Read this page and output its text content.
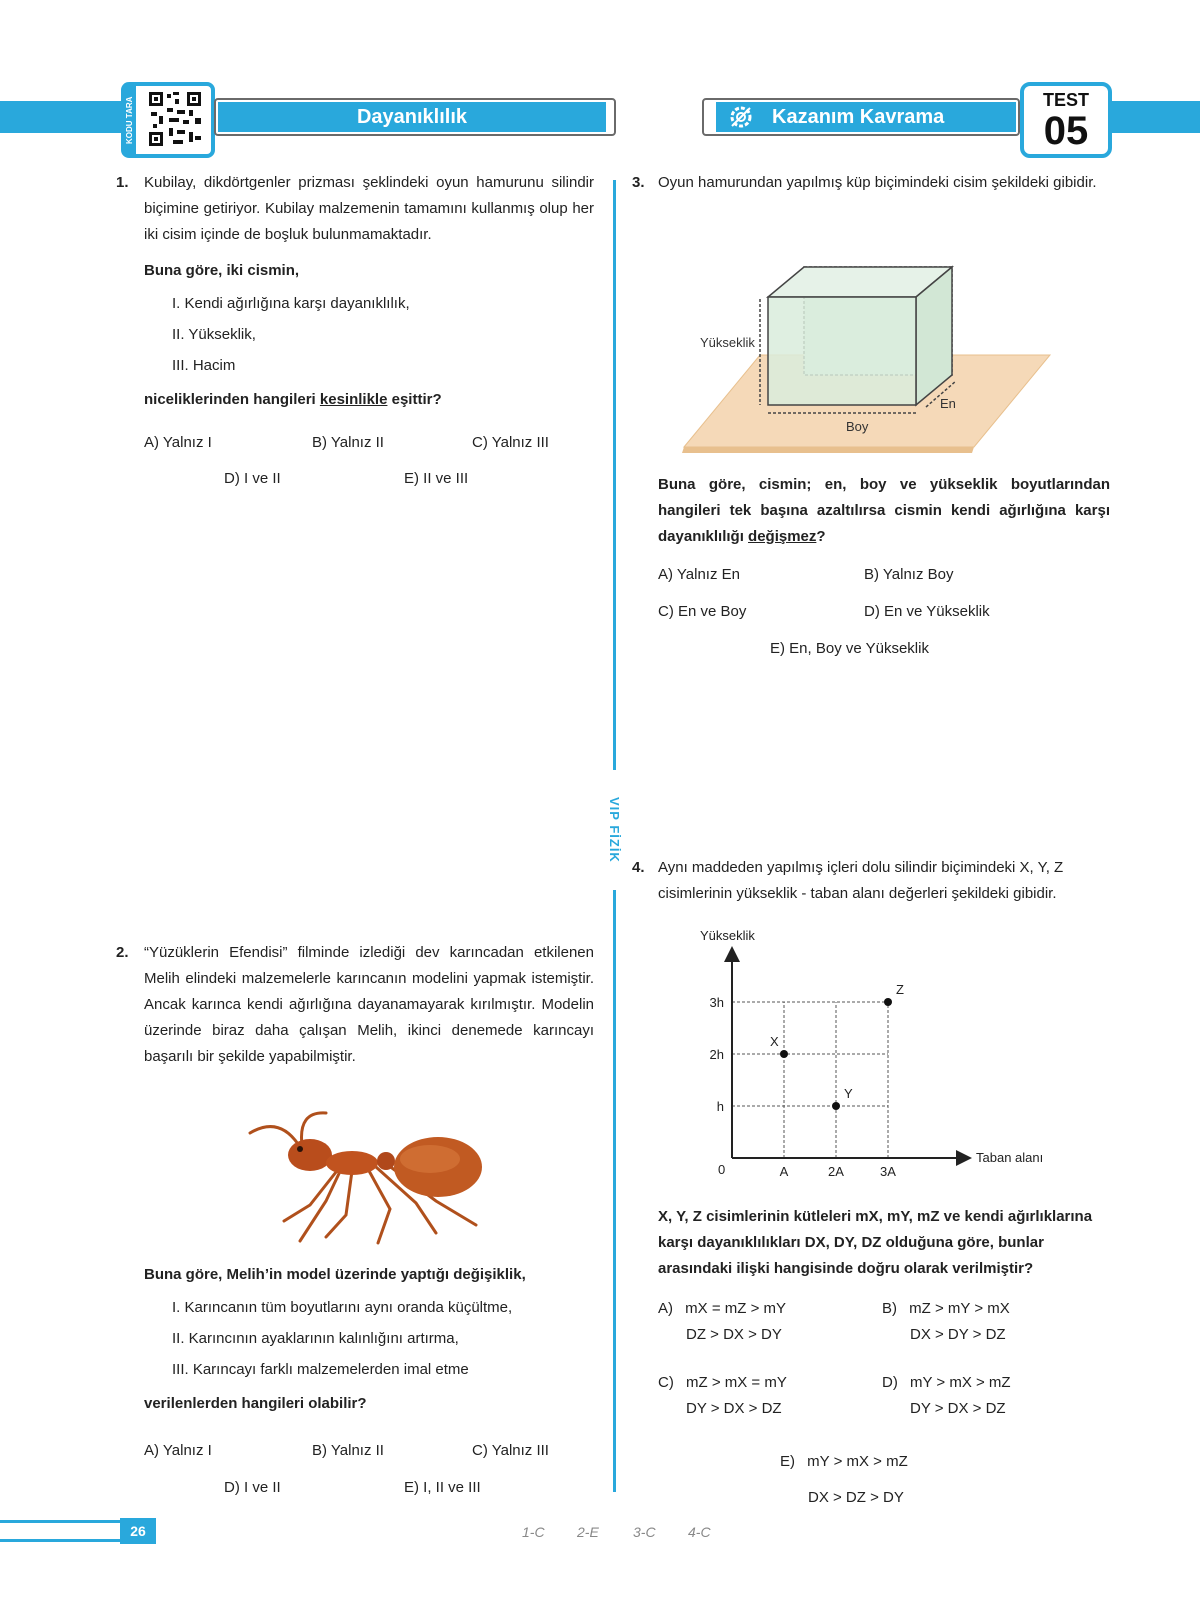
KODU TARA	Dayanıklılık	Kazanım Kavrama
TEST
05
VIP FİZİK
1. Kubilay, dikdörtgenler prizması şeklindeki oyun hamurunu silindir biçimine getiriyor. Kubilay malzemenin tamamını kullanmış olup her iki cisim içinde de boşluk bulunmamaktadır.
Buna göre, iki cismin,
I. Kendi ağırlığına karşı dayanıklılık,
II. Yükseklik,
III. Hacim
niceliklerinden hangileri kesinlikle eşittir?
A) Yalnız I	B) Yalnız II	C) Yalnız III
D) I ve II	E) II ve III
3. Oyun hamurundan yapılmış küp biçimindeki cisim şekildeki gibidir.
Yükseklik
Boy
En
Buna göre, cismin; en, boy ve yükseklik boyutlarından hangileri tek başına azaltılırsa cismin kendi ağırlığına karşı dayanıklılığı değişmez?
A) Yalnız En	B) Yalnız Boy
C) En ve Boy	D) En ve Yükseklik
E) En, Boy ve Yükseklik
2. “Yüzüklerin Efendisi” filminde izlediği dev karıncadan etkilenen Melih elindeki malzemelerle karıncanın modelini yapmak istemiştir. Ancak karınca kendi ağırlığına dayanamayarak kırılmıştır. Modelin üzerinde biraz daha çalışan Melih, ikinci denemede karıncayı başarılı bir şekilde yapabilmiştir.
Buna göre, Melih’in model üzerinde yaptığı değişiklik,
I. Karıncanın tüm boyutlarını aynı oranda küçültme,
II. Karıncının ayaklarının kalınlığını artırma,
III. Karıncayı farklı malzemelerden imal etme
verilenlerden hangileri olabilir?
A) Yalnız I	B) Yalnız II	C) Yalnız III
D) I ve II	E) I, II ve III
4. Aynı maddeden yapılmış içleri dolu silindir biçimindeki X, Y, Z cisimlerinin yükseklik - taban alanı değerleri şekildeki gibidir.
Yükseklik
Taban alanı
0	A	2A	3A
h
2h
3h
X
Y
Z
X, Y, Z cisimlerinin kütleleri mX, mY, mZ ve kendi ağırlıklarına karşı dayanıklılıkları DX, DY, DZ olduğuna göre, bunlar arasındaki ilişki hangisinde doğru olarak verilmiştir?
A) mX = mZ > mY
DZ > DX > DY
B) mZ > mY > mX
DX > DY > DZ
C) mZ > mX = mY
DY > DX > DZ
D) mY > mX > mZ
DY > DX > DZ
E) mY > mX > mZ
DX > DZ > DY
26	1-C 2-E 3-C 4-C
